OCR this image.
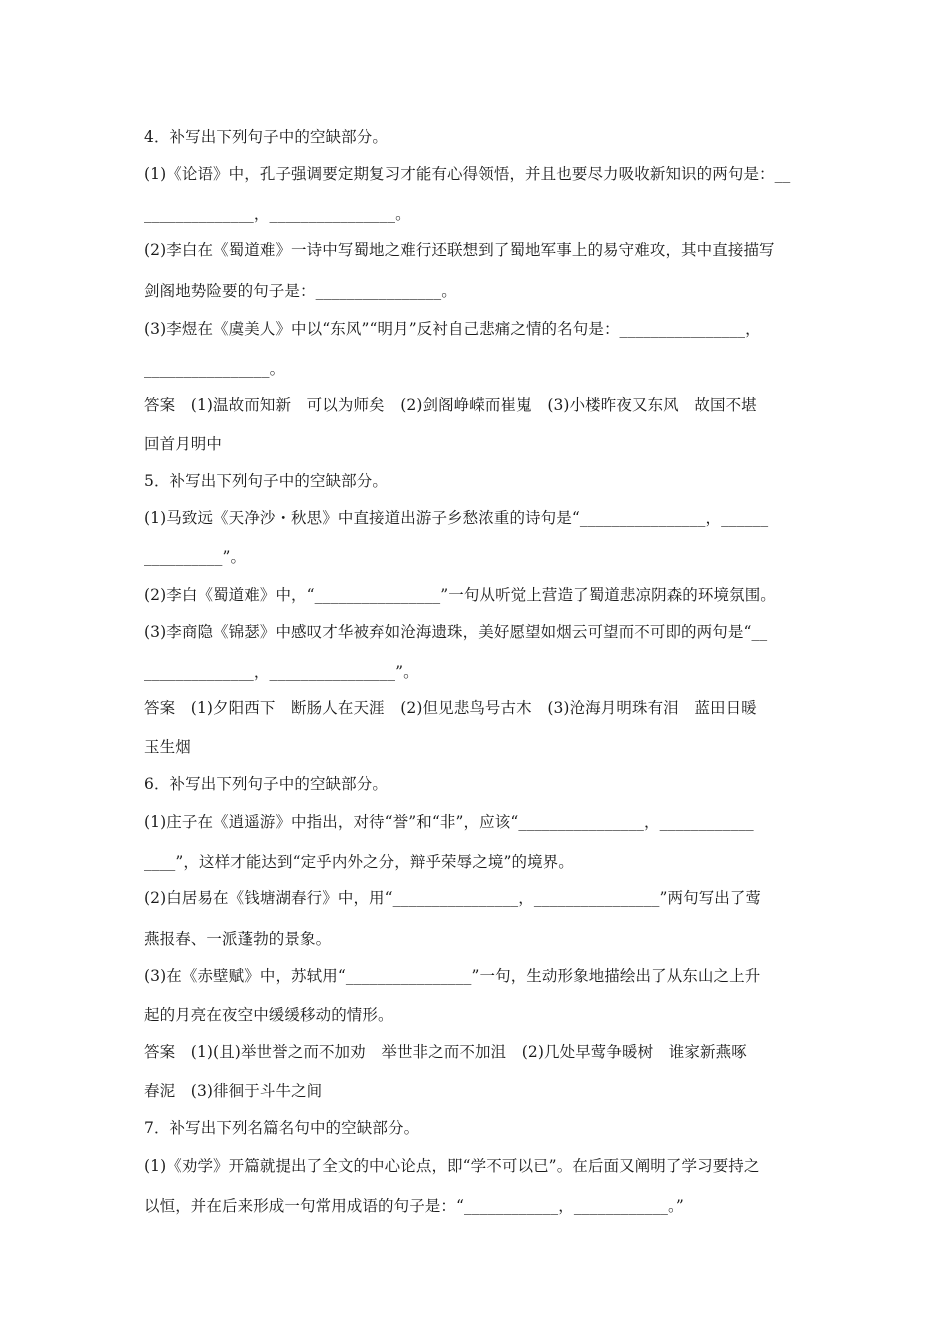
4．补写出下列句子中的空缺部分。
(1)《论语》中，孔子强调要定期复习才能有心得领悟，并且也要尽力吸收新知识的两句是：__
______________，________________。
(2)李白在《蜀道难》一诗中写蜀地之难行还联想到了蜀地军事上的易守难攻，其中直接描写
剑阁地势险要的句子是：________________。
(3)李煜在《虞美人》中以“东风”“明月”反衬自己悲痛之情的名句是：________________，
________________。
答案　(1)温故而知新　可以为师矣　(2)剑阁峥嵘而崔嵬　(3)小楼昨夜又东风　故国不堪
回首月明中
5．补写出下列句子中的空缺部分。
(1)马致远《天净沙・秋思》中直接道出游子乡愁浓重的诗句是“________________，______
__________”。
(2)李白《蜀道难》中，“________________”一句从听觉上营造了蜀道悲凉阴森的环境氛围。
(3)李商隐《锦瑟》中感叹才华被弃如沧海遗珠，美好愿望如烟云可望而不可即的两句是“__
______________，________________”。
答案　(1)夕阳西下　断肠人在天涯　(2)但见悲鸟号古木　(3)沧海月明珠有泪　蓝田日暖
玉生烟
6．补写出下列句子中的空缺部分。
(1)庄子在《逍遥游》中指出，对待“誉”和“非”，应该“________________，____________
____”，这样才能达到“定乎内外之分，辩乎荣辱之境”的境界。
(2)白居易在《钱塘湖春行》中，用“________________，________________”两句写出了莺
燕报春、一派蓬勃的景象。
(3)在《赤壁赋》中，苏轼用“________________”一句，生动形象地描绘出了从东山之上升
起的月亮在夜空中缓缓移动的情形。
答案　(1)(且)举世誉之而不加劝　举世非之而不加沮　(2)几处早莺争暖树　谁家新燕啄
春泥　(3)徘徊于斗牛之间
7．补写出下列名篇名句中的空缺部分。
(1)《劝学》开篇就提出了全文的中心论点，即“学不可以已”。在后面又阐明了学习要持之
以恒，并在后来形成一句常用成语的句子是：“____________，____________。”
